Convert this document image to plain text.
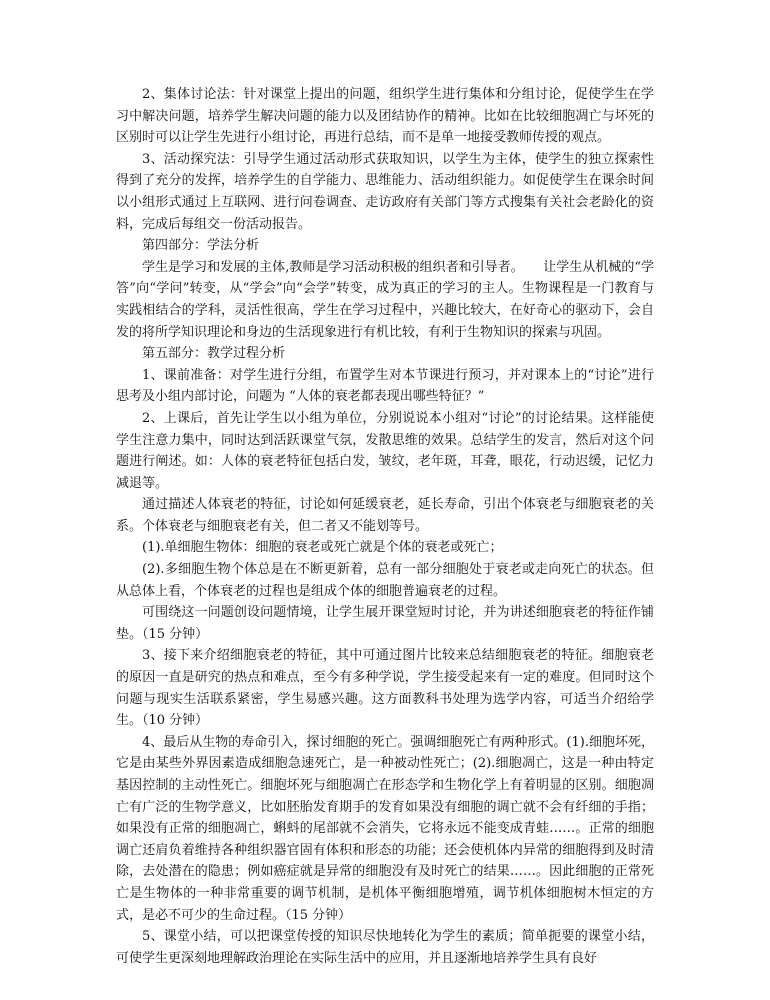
2、集体讨论法：针对课堂上提出的问题，组织学生进行集体和分组讨论，促使学生在学习中解决问题，培养学生解决问题的能力以及团结协作的精神。比如在比较细胞凋亡与坏死的区别时可以让学生先进行小组讨论，再进行总结，而不是单一地接受教师传授的观点。

3、活动探究法：引导学生通过活动形式获取知识，以学生为主体，使学生的独立探索性得到了充分的发挥，培养学生的自学能力、思维能力、活动组织能力。如促使学生在课余时间以小组形式通过上互联网、进行问卷调查、走访政府有关部门等方式搜集有关社会老龄化的资料，完成后每组交一份活动报告。

第四部分：学法分析

学生是学习和发展的主体,教师是学习活动积极的组织者和引导者。　　让学生从机械的“学答”向“学问”转变，从“学会”向“会学”转变，成为真正的学习的主人。生物课程是一门教育与实践相结合的学科，灵活性很高，学生在学习过程中，兴趣比较大，在好奇心的驱动下，会自发的将所学知识理论和身边的生活现象进行有机比较，有利于生物知识的探索与巩固。

第五部分：教学过程分析

1、课前准备：对学生进行分组，布置学生对本节课进行预习，并对课本上的“讨论”进行思考及小组内部讨论，问题为 “人体的衰老都表现出哪些特征？”

2、上课后，首先让学生以小组为单位，分别说说本小组对“讨论”的讨论结果。这样能使学生注意力集中，同时达到活跃课堂气氛，发散思维的效果。总结学生的发言，然后对这个问题进行阐述。如：人体的衰老特征包括白发，皱纹，老年斑，耳聋，眼花，行动迟缓，记忆力减退等。

通过描述人体衰老的特征，讨论如何延缓衰老，延长寿命，引出个体衰老与细胞衰老的关系。个体衰老与细胞衰老有关，但二者又不能划等号。

(1).单细胞生物体：细胞的衰老或死亡就是个体的衰老或死亡；

(2).多细胞生物个体总是在不断更新着，总有一部分细胞处于衰老或走向死亡的状态。但从总体上看，个体衰老的过程也是组成个体的细胞普遍衰老的过程。

可围绕这一问题创设问题情境，让学生展开课堂短时讨论，并为讲述细胞衰老的特征作铺垫。（15 分钟）

3、接下来介绍细胞衰老的特征，其中可通过图片比较来总结细胞衰老的特征。细胞衰老的原因一直是研究的热点和难点，至今有多种学说，学生接受起来有一定的难度。但同时这个问题与现实生活联系紧密，学生易感兴趣。这方面教科书处理为选学内容，可适当介绍给学生。（10 分钟）

4、最后从生物的寿命引入，探讨细胞的死亡。强调细胞死亡有两种形式。(1).细胞坏死，它是由某些外界因素造成细胞急速死亡，是一种被动性死亡；(2).细胞凋亡，这是一种由特定基因控制的主动性死亡。细胞坏死与细胞凋亡在形态学和生物化学上有着明显的区别。细胞凋亡有广泛的生物学意义，比如胚胎发育期手的发育如果没有细胞的调亡就不会有纤细的手指；如果没有正常的细胞凋亡，蝌蚪的尾部就不会消失，它将永远不能变成青蛙……。正常的细胞调亡还肩负着维持各种组织器官固有体积和形态的功能；还会使机体内异常的细胞得到及时清除，去处潜在的隐患；例如癌症就是异常的细胞没有及时死亡的结果……。因此细胞的正常死亡是生物体的一种非常重要的调节机制，是机体平衡细胞增殖，调节机体细胞树木恒定的方式，是必不可少的生命过程。（15 分钟）

5、课堂小结，可以把课堂传授的知识尽快地转化为学生的素质；简单扼要的课堂小结，可使学生更深刻地理解政治理论在实际生活中的应用，并且逐渐地培养学生具有良好
